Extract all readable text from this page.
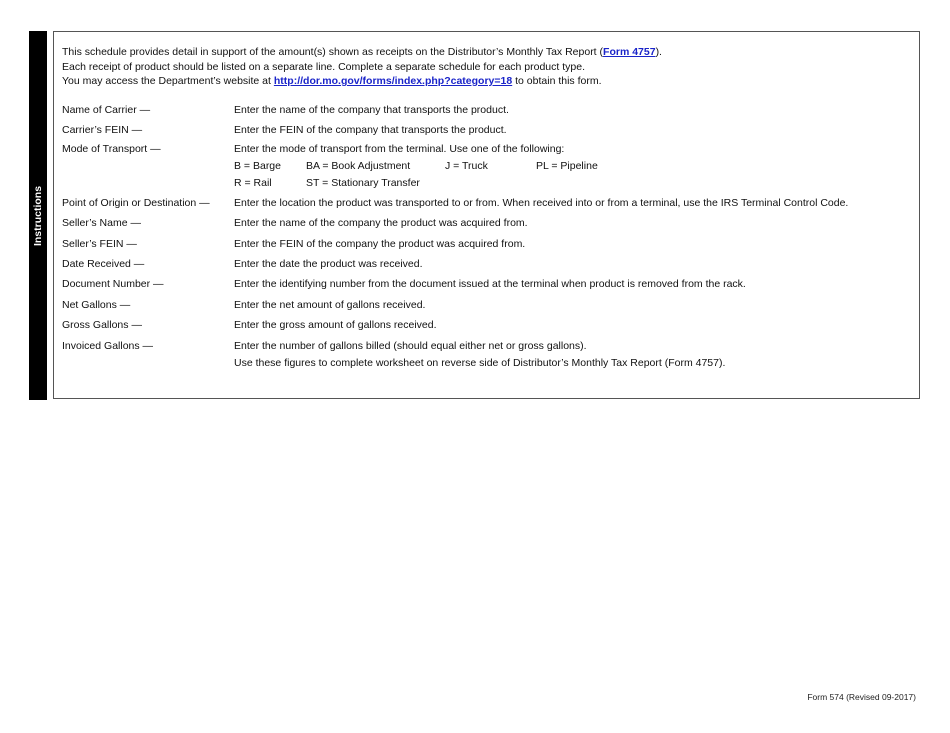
Instructions
This schedule provides detail in support of the amount(s) shown as receipts on the Distributor’s Monthly Tax Report (Form 4757).
Each receipt of product should be listed on a separate line. Complete a separate schedule for each product type.
You may access the Department’s website at http://dor.mo.gov/forms/index.php?category=18 to obtain this form.
Name of Carrier —	Enter the name of the company that transports the product.
Carrier’s FEIN —	Enter the FEIN of the company that transports the product.
Mode of Transport —	Enter the mode of transport from the terminal. Use one of the following:
B = Barge BA = Book Adjustment	J = Truck	PL = Pipeline
R = Rail	ST = Stationary Transfer
Point of Origin or Destination — Enter the location the product was transported to or from. When received into or from a terminal, use the IRS Terminal Control Code.
Seller’s Name —	Enter the name of the company the product was acquired from.
Seller’s FEIN —	Enter the FEIN of the company the product was acquired from.
Date Received —	Enter the date the product was received.
Document Number —	Enter the identifying number from the document issued at the terminal when product is removed from the rack.
Net Gallons —	Enter the net amount of gallons received.
Gross Gallons —	Enter the gross amount of gallons received.
Invoiced Gallons —	Enter the number of gallons billed (should equal either net or gross gallons).
Use these figures to complete worksheet on reverse side of Distributor’s Monthly Tax Report (Form 4757).
Form 574 (Revised 09-2017)
